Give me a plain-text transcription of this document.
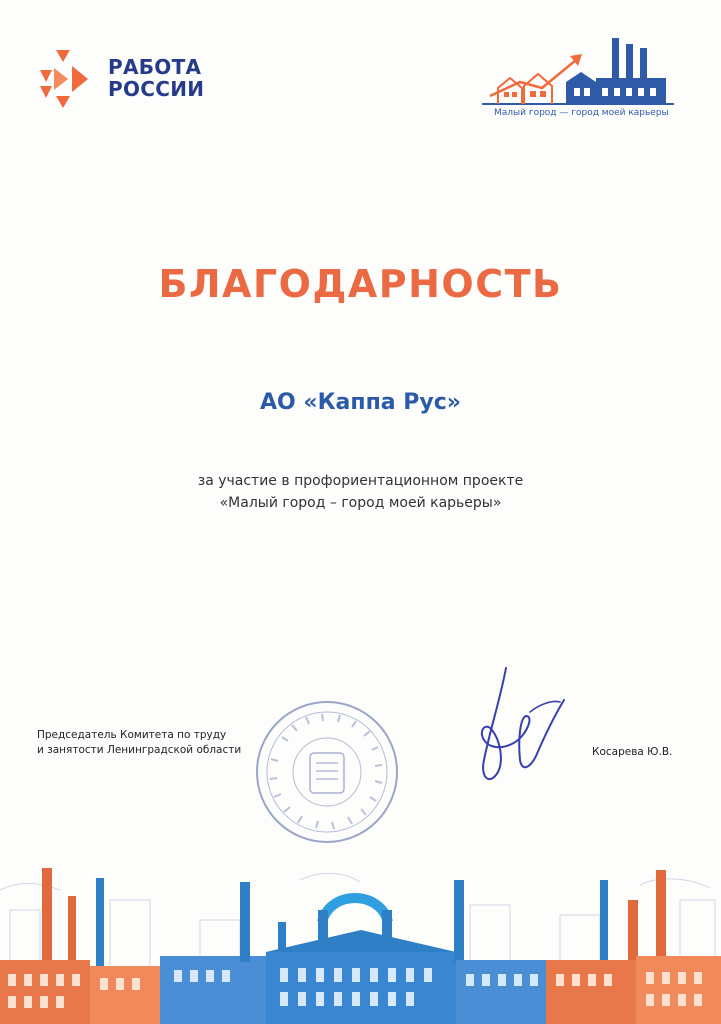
РАБОТА
РОССИИ
Малый город — город моей карьеры
БЛАГОДАРНОСТЬ
АО «Каппа Рус»
за участие в профориентационном проекте
«Малый город – город моей карьеры»
Председатель Комитета по труду
и занятости Ленинградской области	Косарева Ю.В.
